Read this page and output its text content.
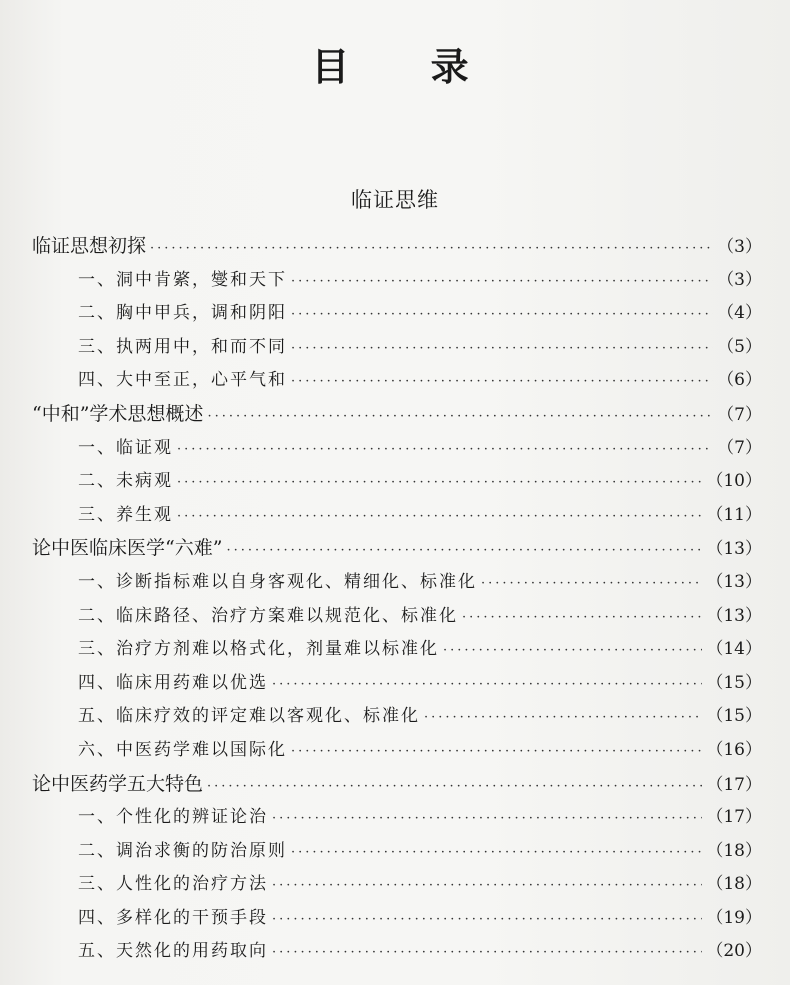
目 录
临证思维
临证思想初探 ·····	（3）
一、洞中肯綮，燮和天下 ·····	（3）
二、胸中甲兵，调和阴阳 ·····	（4）
三、执两用中，和而不同 ·····	（5）
四、大中至正，心平气和 ·····	（6）
“中和”学术思想概述 ·····	（7）
一、临证观 ·····	（7）
二、未病观 ·····	（10）
三、养生观 ·····	（11）
论中医临床医学“六难” ·····	（13）
一、诊断指标难以自身客观化、精细化、标准化 ·····	（13）
二、临床路径、治疗方案难以规范化、标准化 ·····	（13）
三、治疗方剂难以格式化，剂量难以标准化 ·····	（14）
四、临床用药难以优选 ·····	（15）
五、临床疗效的评定难以客观化、标准化 ·····	（15）
六、中医药学难以国际化 ·····	（16）
论中医药学五大特色 ·····	（17）
一、个性化的辨证论治 ·····	（17）
二、调治求衡的防治原则 ·····	（18）
三、人性化的治疗方法 ·····	（18）
四、多样化的干预手段 ·····	（19）
五、天然化的用药取向 ·····	（20）
